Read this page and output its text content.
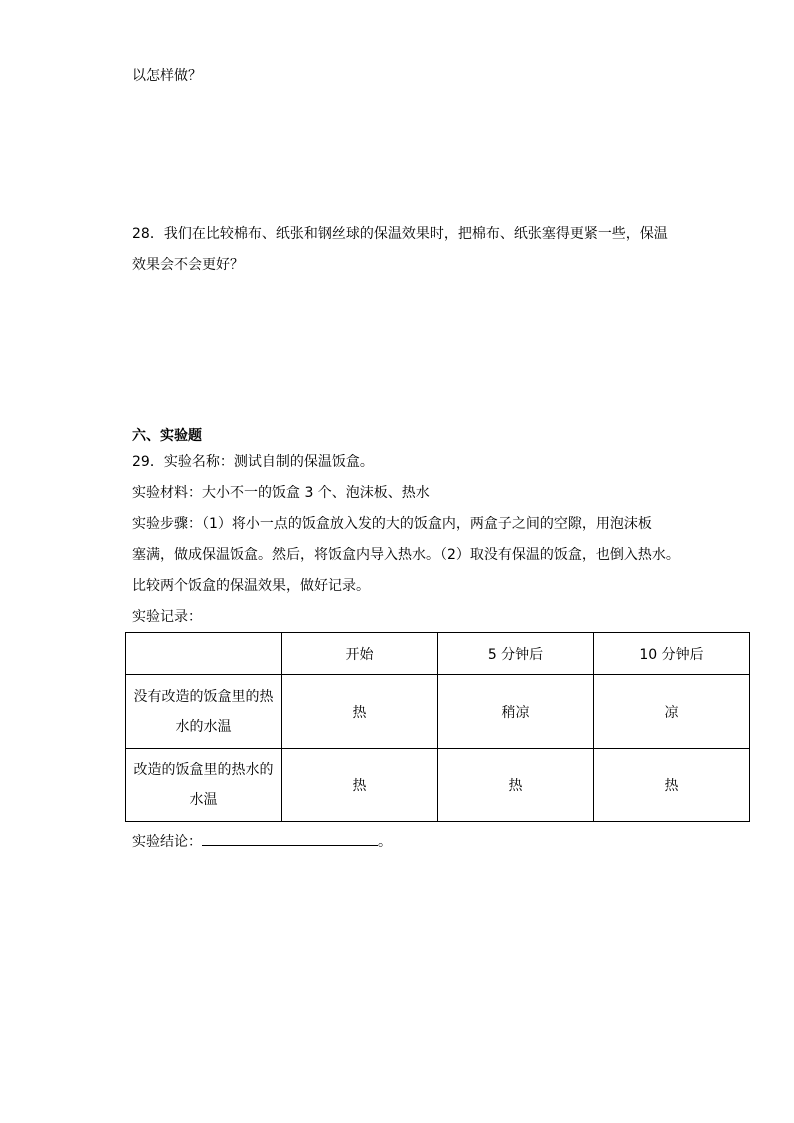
以怎样做？
28．我们在比较棉布、纸张和钢丝球的保温效果时，把棉布、纸张塞得更紧一些，保温
效果会不会更好？
六、实验题
29．实验名称：测试自制的保温饭盒。
实验材料：大小不一的饭盒 3 个、泡沫板、热水
实验步骤：（1）将小一点的饭盒放入发的大的饭盒内，两盒子之间的空隙，用泡沫板
塞满，做成保温饭盒。然后，将饭盒内导入热水。（2）取没有保温的饭盒，也倒入热水。
比较两个饭盒的保温效果，做好记录。
实验记录：
	开始	5 分钟后	10 分钟后

没有改造的饭盒里的热
水的水温	热	稍凉	凉

改造的饭盒里的热水的
水温	热	热	热
实验结论：	。
